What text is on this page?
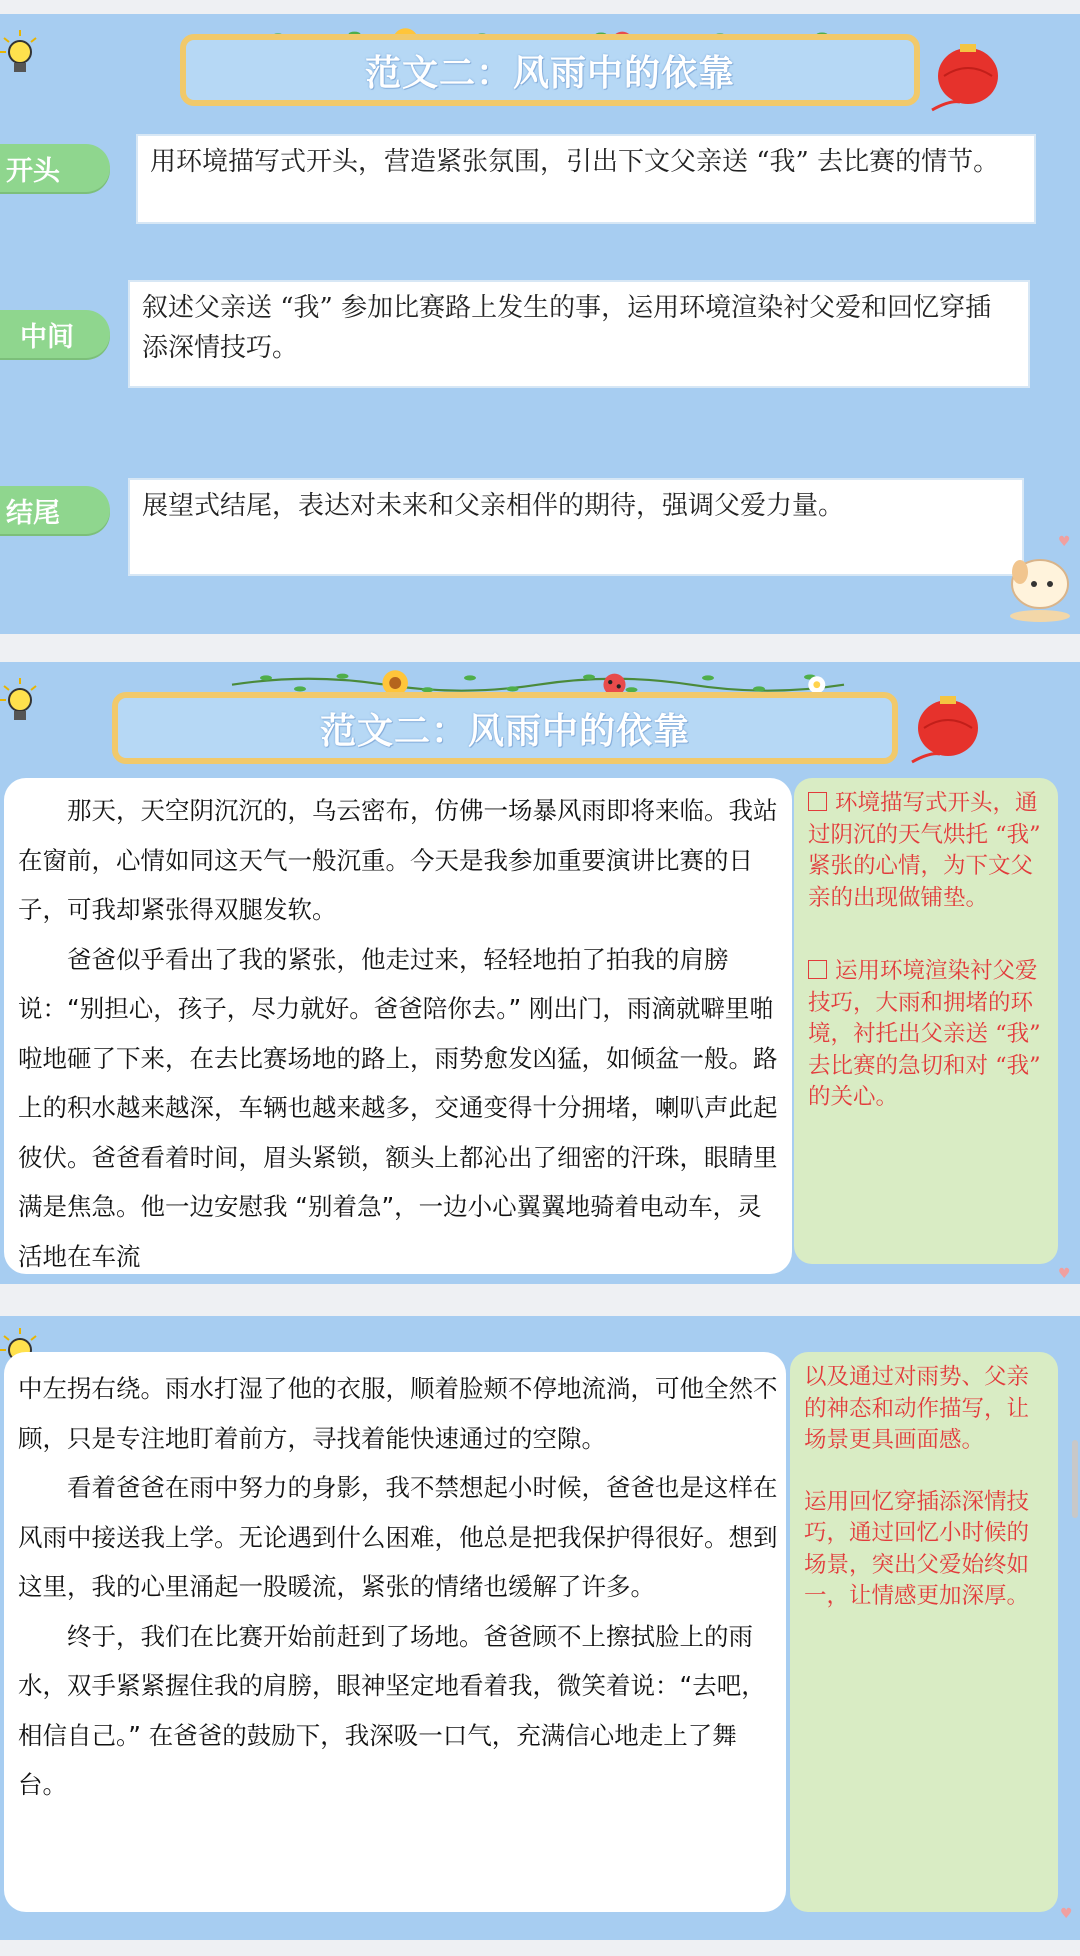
范文二：风雨中的依靠
开头	用环境描写式开头，营造紧张氛围，引出下文父亲送 “我” 去比赛的情节。
中间
叙述父亲送 “我” 参加比赛路上发生的事，运用环境渲染衬父爱和回忆穿插添深情技巧。
结尾	展望式结尾，表达对未来和父亲相伴的期待，强调父爱力量。
♥
范文二：风雨中的依靠

那天，天空阴沉沉的，乌云密布，仿佛一场暴风雨即将来临。我站在窗前，心情如同这天气一般沉重。今天是我参加重要演讲比赛的日子，可我却紧张得双腿发软。

爸爸似乎看出了我的紧张，他走过来，轻轻地拍了拍我的肩膀说：“别担心，孩子，尽力就好。爸爸陪你去。” 刚出门，雨滴就噼里啪啦地砸了下来，在去比赛场地的路上，雨势愈发凶猛，如倾盆一般。路上的积水越来越深，车辆也越来越多，交通变得十分拥堵，喇叭声此起彼伏。爸爸看着时间，眉头紧锁，额头上都沁出了细密的汗珠，眼睛里满是焦急。他一边安慰我 “别着急”，一边小心翼翼地骑着电动车，灵活地在车流

环境描写式开头，通过阴沉的天气烘托 “我” 紧张的心情，为下文父亲的出现做铺垫。

运用环境渲染衬父爱技巧，大雨和拥堵的环境，衬托出父亲送 “我” 去比赛的急切和对 “我” 的关心。

♥

中左拐右绕。雨水打湿了他的衣服，顺着脸颊不停地流淌，可他全然不顾，只是专注地盯着前方，寻找着能快速通过的空隙。

看着爸爸在雨中努力的身影，我不禁想起小时候，爸爸也是这样在风雨中接送我上学。无论遇到什么困难，他总是把我保护得很好。想到这里，我的心里涌起一股暖流，紧张的情绪也缓解了许多。

终于，我们在比赛开始前赶到了场地。爸爸顾不上擦拭脸上的雨水，双手紧紧握住我的肩膀，眼神坚定地看着我，微笑着说：“去吧，相信自己。” 在爸爸的鼓励下，我深吸一口气，充满信心地走上了舞台。

以及通过对雨势、父亲的神态和动作描写，让场景更具画面感。

运用回忆穿插添深情技巧，通过回忆小时候的场景，突出父爱始终如一，让情感更加深厚。

♥
